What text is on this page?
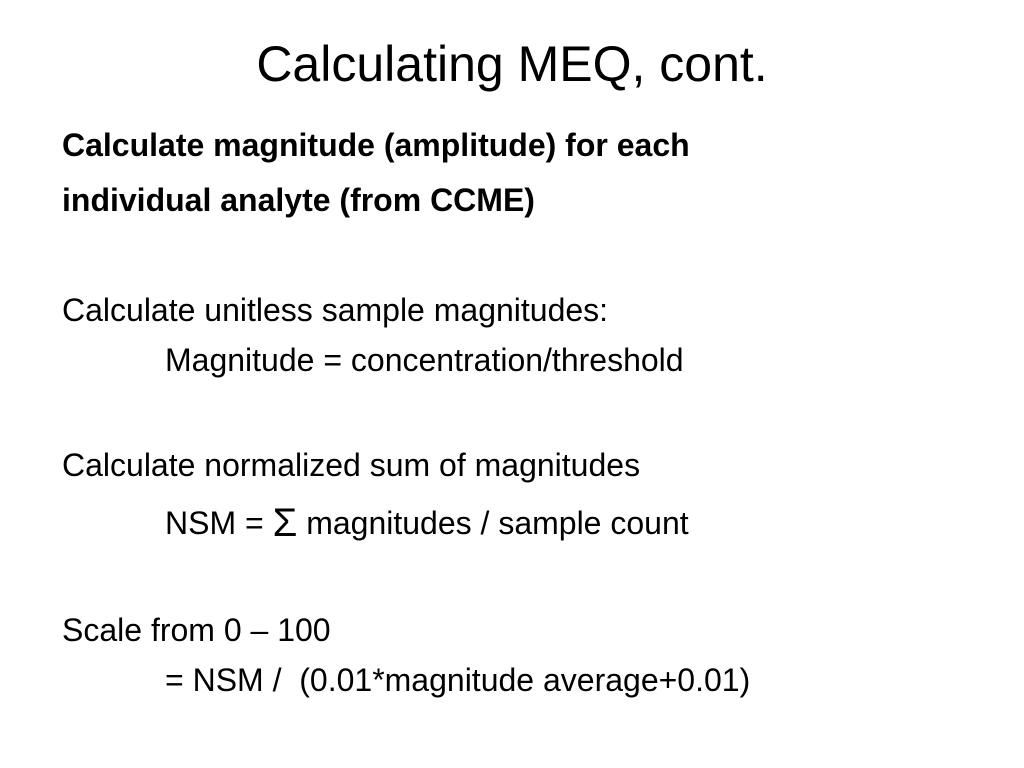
Calculating MEQ, cont.
Calculate magnitude (amplitude) for each
individual analyte (from CCME)
Calculate unitless sample magnitudes:
Magnitude = concentration/threshold
Calculate normalized sum of magnitudes
NSM = Σ magnitudes / sample count
Scale from 0 – 100
= NSM /  (0.01*magnitude average+0.01)
